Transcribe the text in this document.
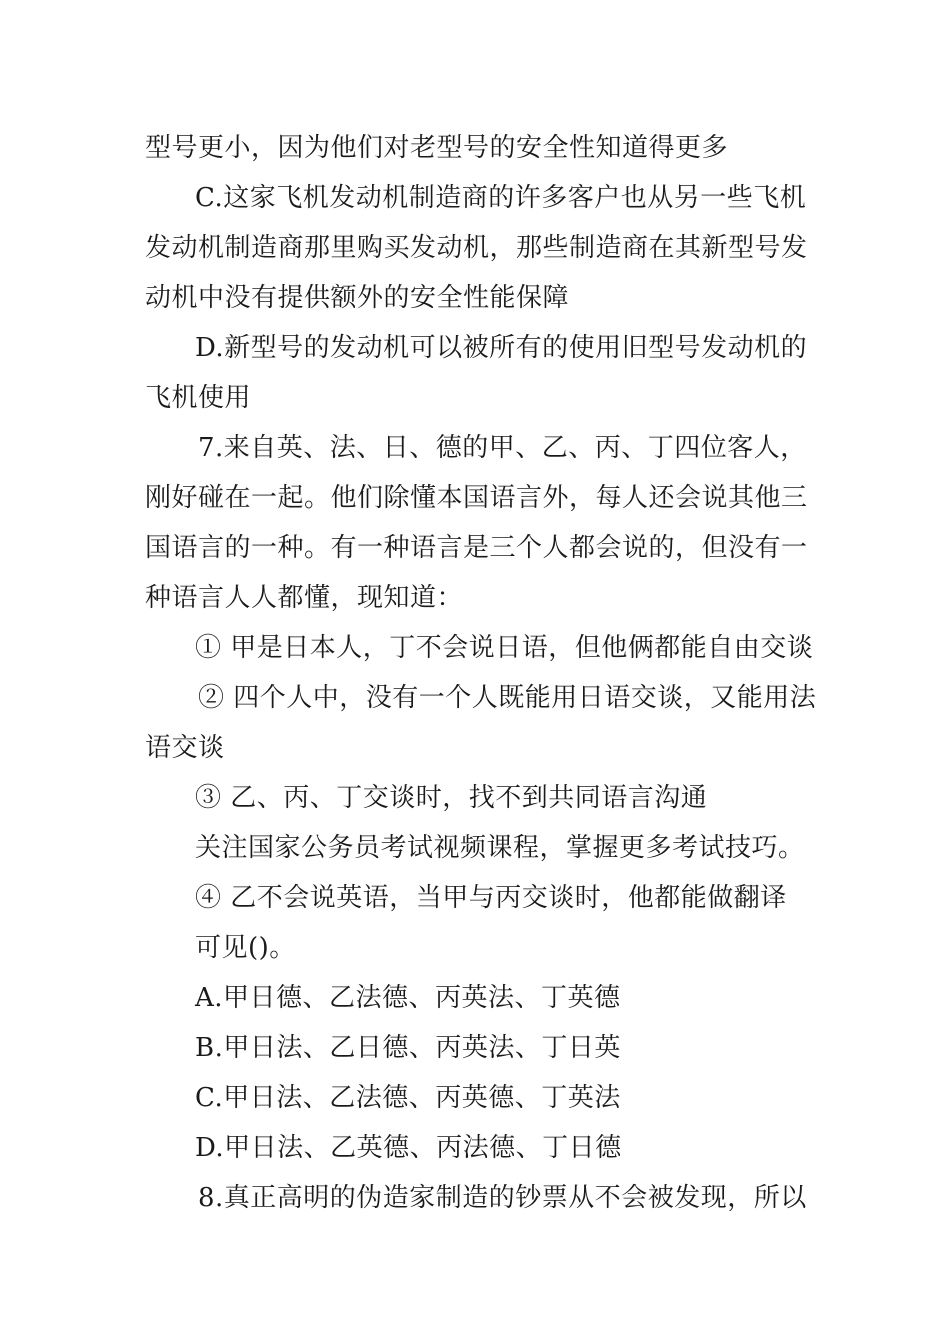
型号更小，因为他们对老型号的安全性知道得更多
C.这家飞机发动机制造商的许多客户也从另一些飞机
发动机制造商那里购买发动机，那些制造商在其新型号发
动机中没有提供额外的安全性能保障
D.新型号的发动机可以被所有的使用旧型号发动机的
飞机使用
7.来自英、法、日、德的甲、乙、丙、丁四位客人，
刚好碰在一起。他们除懂本国语言外，每人还会说其他三
国语言的一种。有一种语言是三个人都会说的，但没有一
种语言人人都懂，现知道：
① 甲是日本人，丁不会说日语，但他俩都能自由交谈
② 四个人中，没有一个人既能用日语交谈，又能用法
语交谈
③ 乙、丙、丁交谈时，找不到共同语言沟通
关注国家公务员考试视频课程，掌握更多考试技巧。
④ 乙不会说英语，当甲与丙交谈时，他都能做翻译
可见()。
A.甲日德、乙法德、丙英法、丁英德
B.甲日法、乙日德、丙英法、丁日英
C.甲日法、乙法德、丙英德、丁英法
D.甲日法、乙英德、丙法德、丁日德
8.真正高明的伪造家制造的钞票从不会被发现，所以
